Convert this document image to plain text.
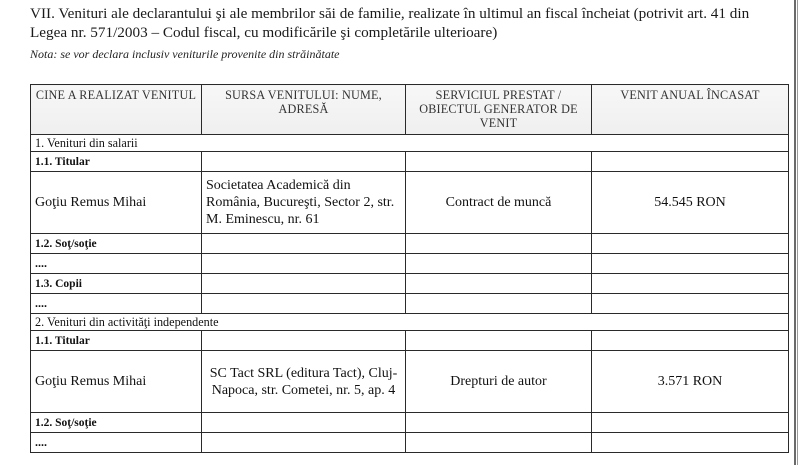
VII. Venituri ale declarantului şi ale membrilor săi de familie, realizate în ultimul an fiscal încheiat (potrivit art. 41 din Legea nr. 571/2003 – Codul fiscal, cu modificările şi completările ulterioare)
Nota: se vor declara inclusiv veniturile provenite din străinătate
CINE A REALIZAT VENITUL	SURSA VENITULUI: NUME, ADRESĂ	SERVICIUL PRESTAT / OBIECTUL GENERATOR DE VENIT	VENIT ANUAL ÎNCASAT
1. Venituri din salarii			
1.1. Titular			
Goţiu Remus Mihai	Societatea Academică din România, Bucureşti, Sector 2, str. M. Eminescu, nr. 61	Contract de muncă	54.545 RON
1.2. Soţ/soţie			
....			
1.3. Copii			
....			
2. Venituri din activităţi independente			
1.1. Titular			
Goţiu Remus Mihai	SC Tact SRL (editura Tact), Cluj-Napoca, str. Cometei, nr. 5, ap. 4	Drepturi de autor	3.571 RON
1.2. Soţ/soţie			
....			
